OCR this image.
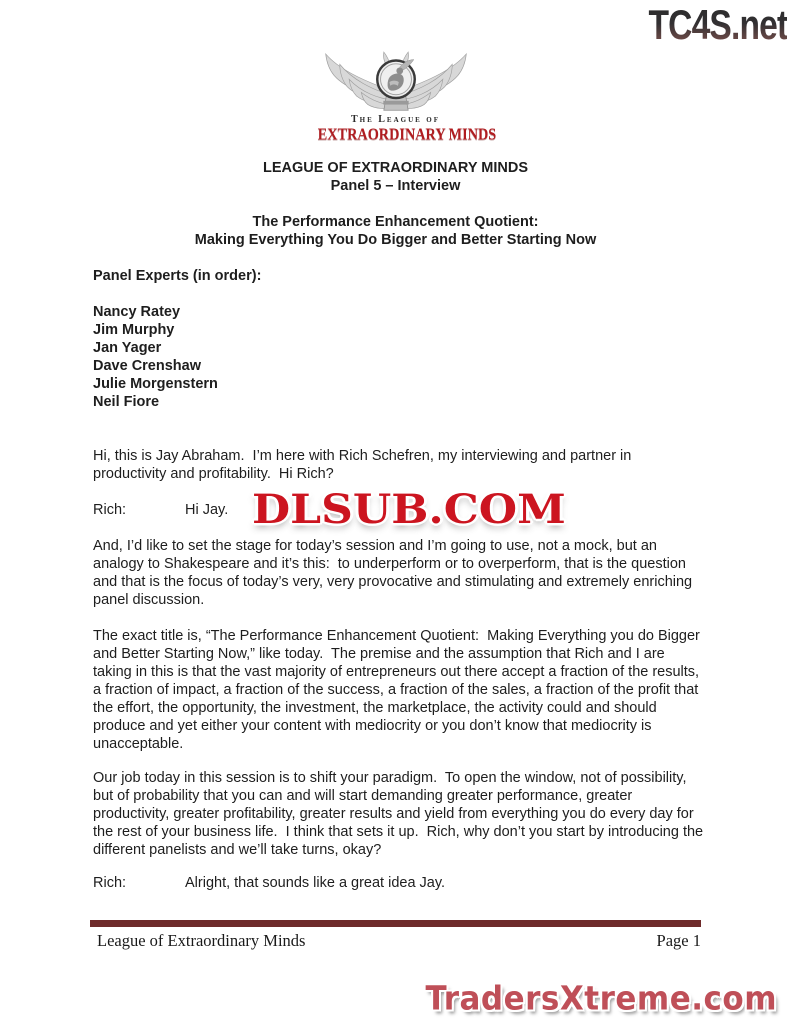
TC4S.net
The League of
EXTRAORDINARY MINDS
LEAGUE OF EXTRAORDINARY MINDS
Panel 5 – Interview
The Performance Enhancement Quotient:
Making Everything You Do Bigger and Better Starting Now
Panel Experts (in order):
Nancy Ratey
Jim Murphy
Jan Yager
Dave Crenshaw
Julie Morgenstern
Neil Fiore
Hi, this is Jay Abraham.  I’m here with Rich Schefren, my interviewing and partner in productivity and profitability.  Hi Rich?
Rich:	Hi Jay. DLSUB.COM
And, I’d like to set the stage for today’s session and I’m going to use, not a mock, but an analogy to Shakespeare and it’s this:  to underperform or to overperform, that is the question and that is the focus of today’s very, very provocative and stimulating and extremely enriching panel discussion.
The exact title is, “The Performance Enhancement Quotient:  Making Everything you do Bigger and Better Starting Now,” like today.  The premise and the assumption that Rich and I are taking in this is that the vast majority of entrepreneurs out there accept a fraction of the results, a fraction of impact, a fraction of the success, a fraction of the sales, a fraction of the profit that the effort, the opportunity, the investment, the marketplace, the activity could and should produce and yet either your content with mediocrity or you don’t know that mediocrity is unacceptable.
Our job today in this session is to shift your paradigm.  To open the window, not of possibility, but of probability that you can and will start demanding greater performance, greater productivity, greater profitability, greater results and yield from everything you do every day for the rest of your business life.  I think that sets it up.  Rich, why don’t you start by introducing the different panelists and we’ll take turns, okay?
Rich:	Alright, that sounds like a great idea Jay.
League of Extraordinary Minds	Page 1
TradersXtreme.com
